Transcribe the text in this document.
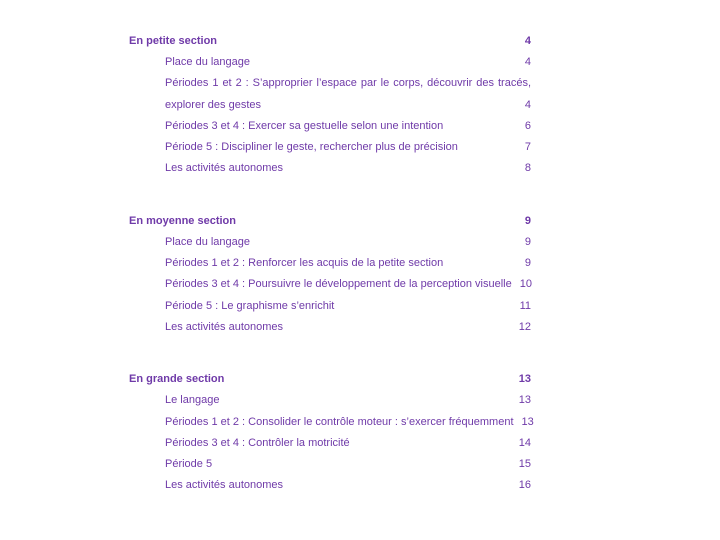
En petite section	4
Place du langage	4
Périodes 1 et 2 : S’approprier l’espace par le corps, découvrir des tracés, explorer des gestes	4
Périodes 3 et 4 : Exercer sa gestuelle selon une intention	6
Période 5 : Discipliner le geste, rechercher plus de précision	7
Les activités autonomes	8
En moyenne section	9
Place du langage	9
Périodes 1 et 2 : Renforcer les acquis de la petite section	9
Périodes 3 et 4 : Poursuivre le développement de la perception visuelle 10
Période 5 : Le graphisme s’enrichit	11
Les activités autonomes	12
En grande section	13
Le langage	13
Périodes 1 et 2 : Consolider le contrôle moteur : s’exercer fréquemment 13
Périodes 3 et 4 : Contrôler la motricité	14
Période 5	15
Les activités autonomes	16
